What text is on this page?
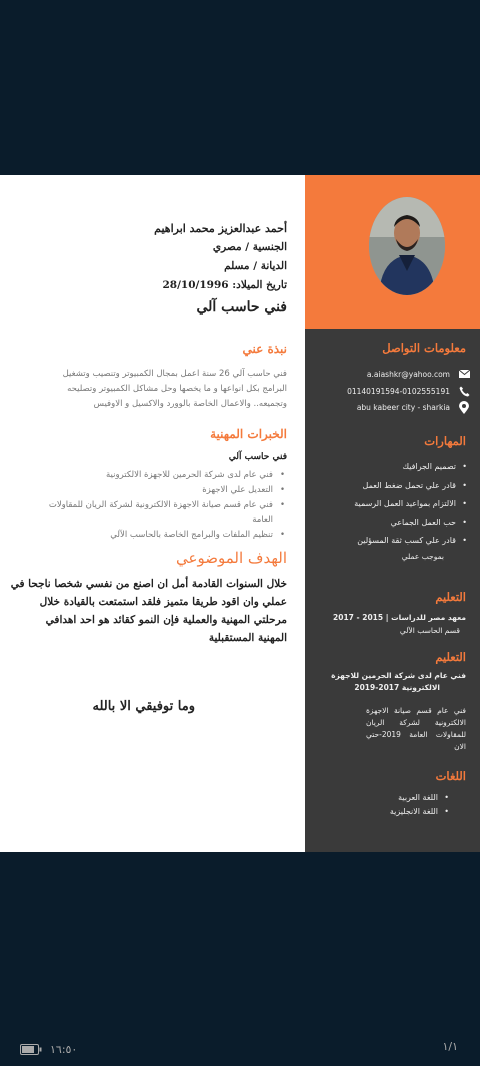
أحمد عبدالعزيز محمد ابراهيم
الجنسية / مصري
الديانة / مسلم
تاريخ الميلاد: 28/10/1996
فني حاسب آلي
نبذة عني
فني حاسب آلي 26 سنة اعمل بمجال الكمبيوتر وتنصيب وتشغيل
البرامج بكل انواعها و ما يخصها وحل مشاكل الكمبيوتر وتصليحه
وتجميعه.. والاعمال الخاصة بالوورد والاكسيل و الاوفيس
الخبرات المهنية
فني حاسب آلي
• فني عام لدى شركة الحرمين للاجهزة الالكترونية
• التعديل علي الاجهزة
• فني عام قسم صيانة الاجهزة الالكترونية لشركة الريان للمقاولات العامة
• تنظيم الملفات والبرامج الخاصة بالحاسب الآلي
الهدف الموضوعي
خلال السنوات القادمة أمل ان اصنع من نفسي شخصا ناجحا في
عملي وان اقود طريقا متميز فلقد استمتعت بالقيادة خلال
مرحلتي المهنية والعملية فإن النمو كقائد هو احد اهدافي
المهنية المستقبلية
وما توفيقي الا بالله
معلومات التواصل
a.aiashkr@yahoo.com
01140191594-0102555191
abu kabeer city - sharkia
المهارات
• تصميم الجرافيك
• قادر علي تحمل ضغط العمل
• الالتزام بمواعيد العمل الرسمية
• حب العمل الجماعي
• قادر علي كسب ثقة المسؤلين
بموجب عملي
التعليم
معهد مصر للدراسات | 2015 - 2017
قسم الحاسب الآلي
التعليم
فني عام لدى شركة الحرمين للاجهزة
الالكترونية 2017-2019
فني عام قسم صيانة الاجهزة الالكترونية لشركة الريان للمقاولات العامة 2019-حتي الان
اللغات
• اللغة العربية
• اللغة الانجليزية
١٦:٥٠	١/١
